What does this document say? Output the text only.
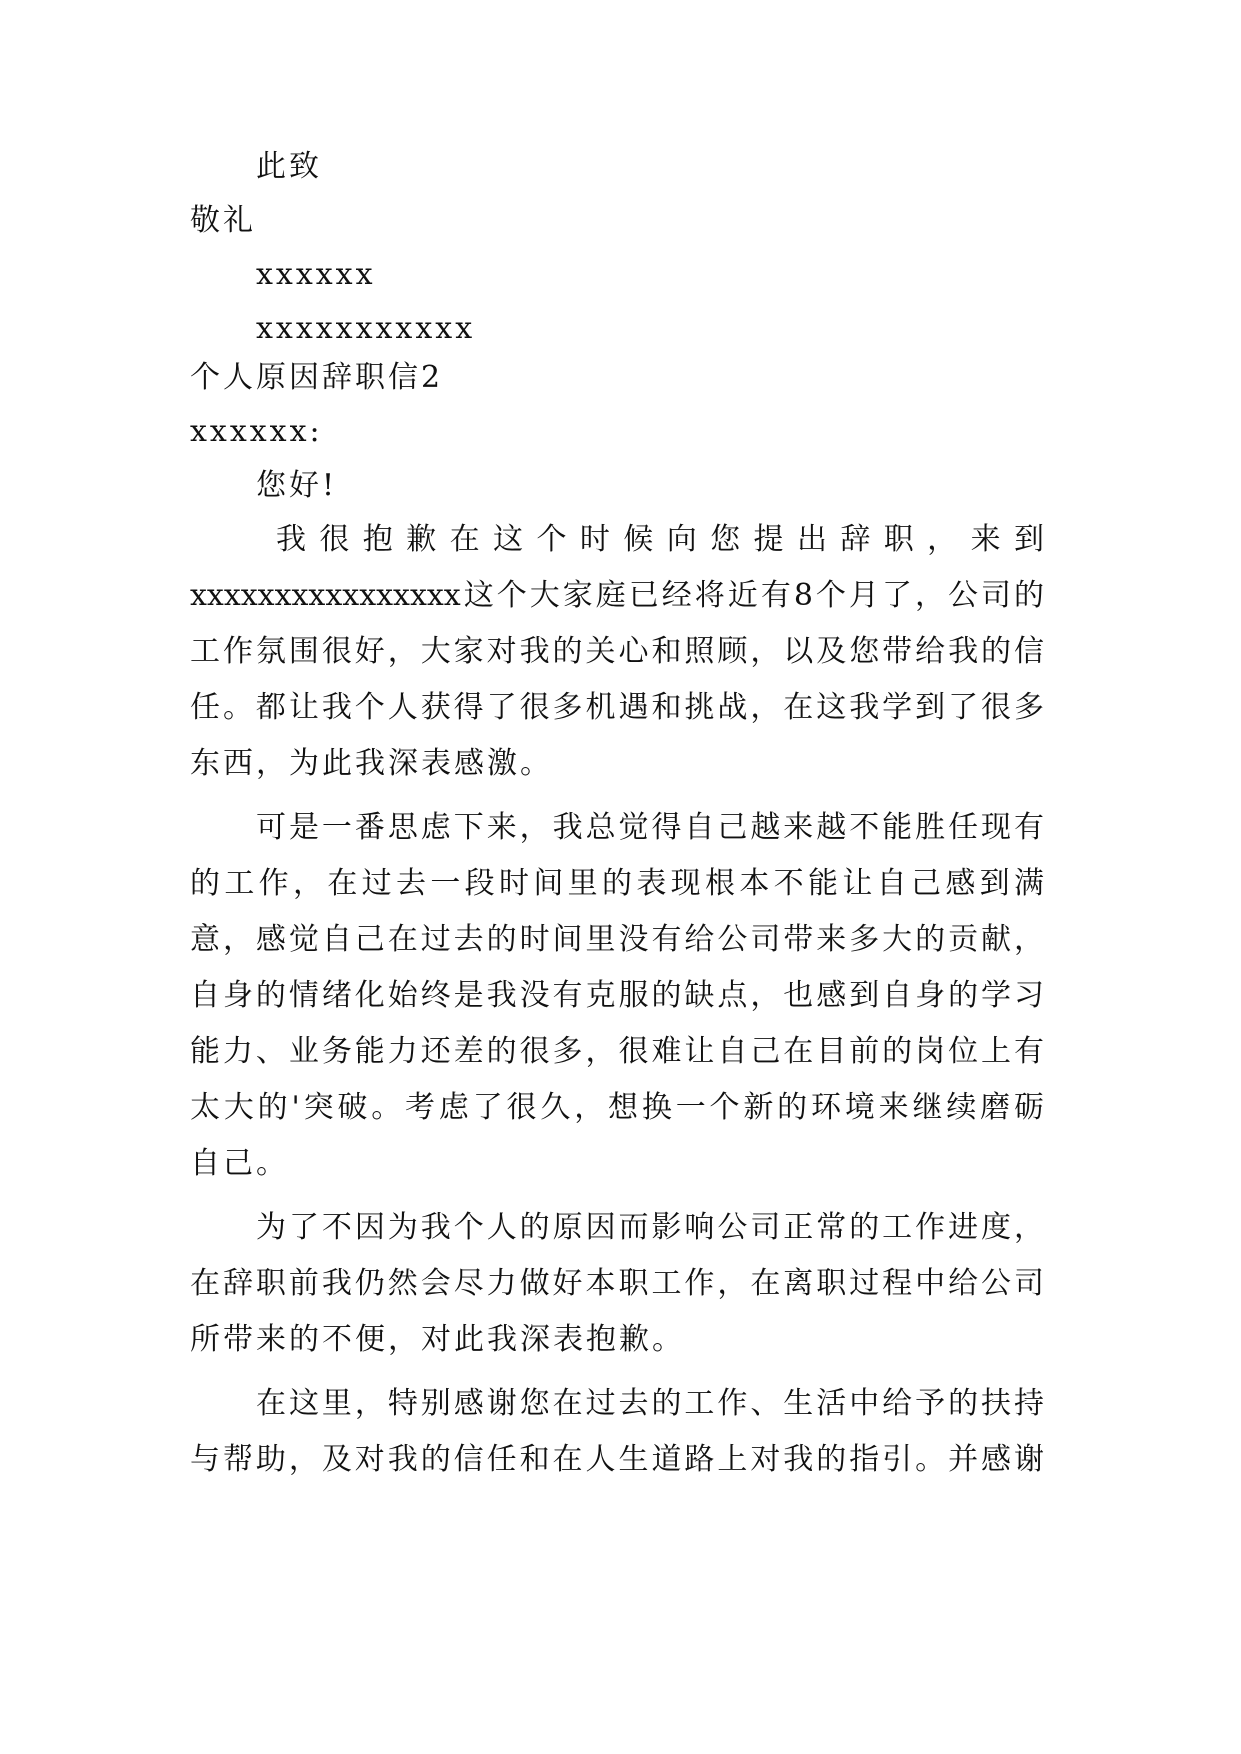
此致
敬礼
xxxxxx
xxxxxxxxxxx
个人原因辞职信2
xxxxxx:
您好!
我很抱歉在这个时候向您提出辞职，来到
xxxxxxxxxxxxxxxx这个大家庭已经将近有8个月了，公司的
工作氛围很好，大家对我的关心和照顾，以及您带给我的信
任。都让我个人获得了很多机遇和挑战，在这我学到了很多
东西，为此我深表感激。
可是一番思虑下来，我总觉得自己越来越不能胜任现有
的工作，在过去一段时间里的表现根本不能让自己感到满
意，感觉自己在过去的时间里没有给公司带来多大的贡献，
自身的情绪化始终是我没有克服的缺点，也感到自身的学习
能力、业务能力还差的很多，很难让自己在目前的岗位上有
太大的'突破。考虑了很久，想换一个新的环境来继续磨砺
自己。
为了不因为我个人的原因而影响公司正常的工作进度，
在辞职前我仍然会尽力做好本职工作，在离职过程中给公司
所带来的不便，对此我深表抱歉。
在这里，特别感谢您在过去的工作、生活中给予的扶持
与帮助，及对我的信任和在人生道路上对我的指引。并感谢
